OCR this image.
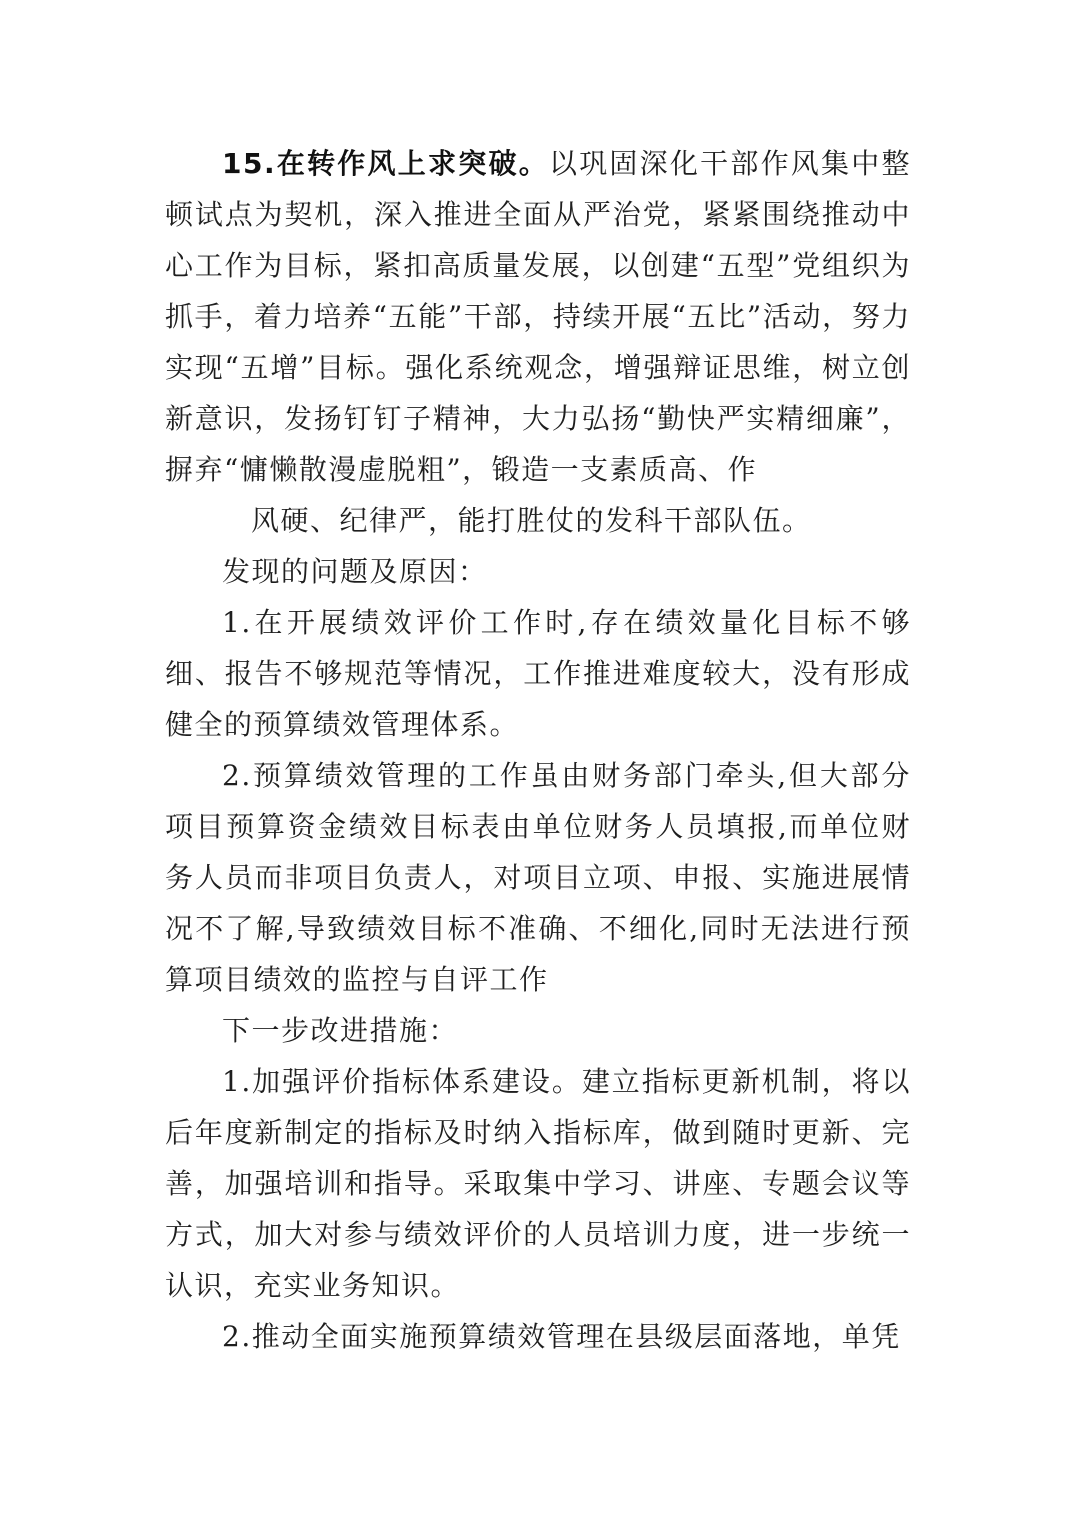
15.在转作风上求突破。以巩固深化干部作风集中整顿试点为契机，深入推进全面从严治党，紧紧围绕推动中心工作为目标，紧扣高质量发展，以创建“五型”党组织为抓手，着力培养“五能”干部，持续开展“五比”活动，努力实现“五增”目标。强化系统观念，增强辩证思维，树立创新意识，发扬钉钉子精神，大力弘扬“勤快严实精细廉”，摒弃“慵懒散漫虚脱粗”，锻造一支素质高、作

风硬、纪律严，能打胜仗的发科干部队伍。

发现的问题及原因：

1.在开展绩效评价工作时,存在绩效量化目标不够细、报告不够规范等情况，工作推进难度较大，没有形成健全的预算绩效管理体系。

2.预算绩效管理的工作虽由财务部门牵头,但大部分项目预算资金绩效目标表由单位财务人员填报,而单位财务人员而非项目负责人，对项目立项、申报、实施进展情况不了解,导致绩效目标不准确、不细化,同时无法进行预算项目绩效的监控与自评工作

下一步改进措施：

1.加强评价指标体系建设。建立指标更新机制，将以后年度新制定的指标及时纳入指标库，做到随时更新、完善，加强培训和指导。采取集中学习、讲座、专题会议等方式，加大对参与绩效评价的人员培训力度，进一步统一认识，充实业务知识。

2.推动全面实施预算绩效管理在县级层面落地，单凭
